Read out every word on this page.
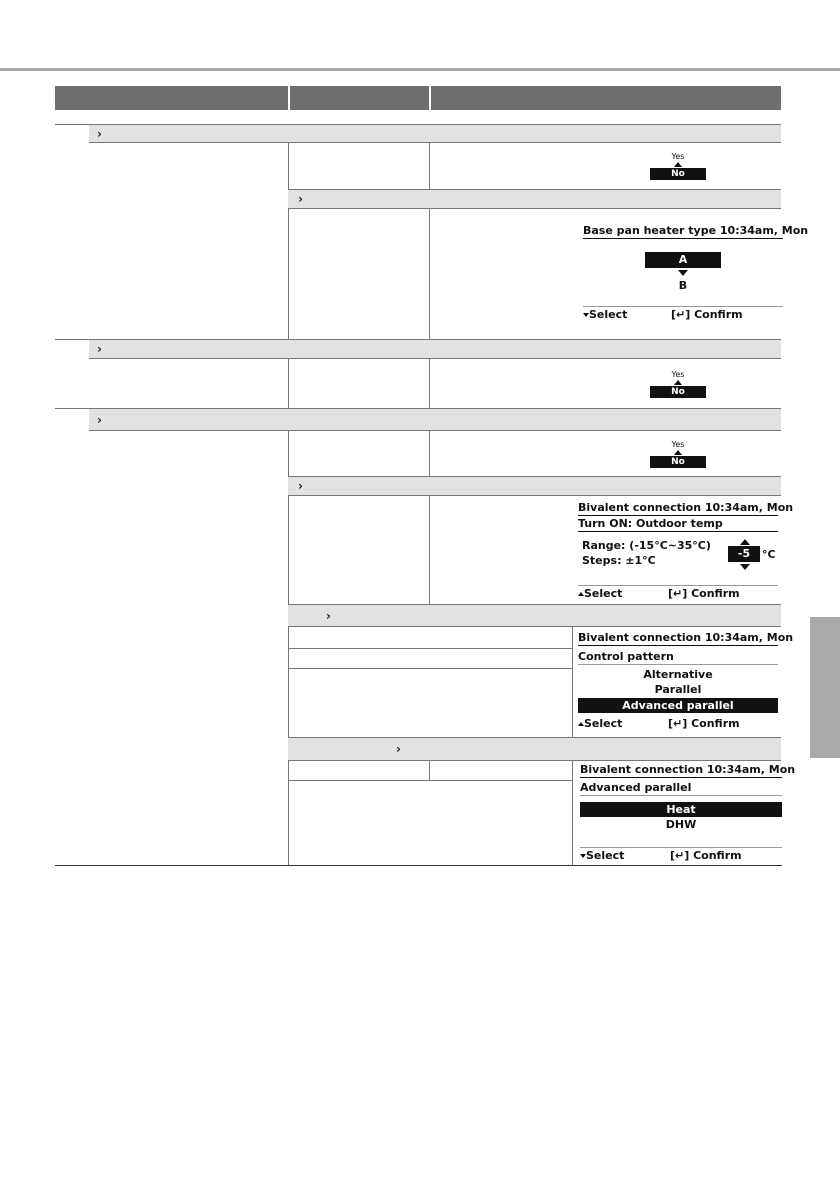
›
Yes
No
›
Base pan heater type 10:34am, Mon
A
B
Select	[↵] Confirm
›
Yes
No
›
Yes
No
›
Bivalent connection 10:34am, Mon
Turn ON: Outdoor temp
Range: (-15°C~35°C)
Steps: ±1°C
-5	°C
Select	[↵] Confirm
›
Bivalent connection 10:34am, Mon
Control pattern
Alternative
Parallel
Advanced parallel
Select	[↵] Confirm
›
Bivalent connection 10:34am, Mon
Advanced parallel
Heat
DHW
Select	[↵] Confirm
